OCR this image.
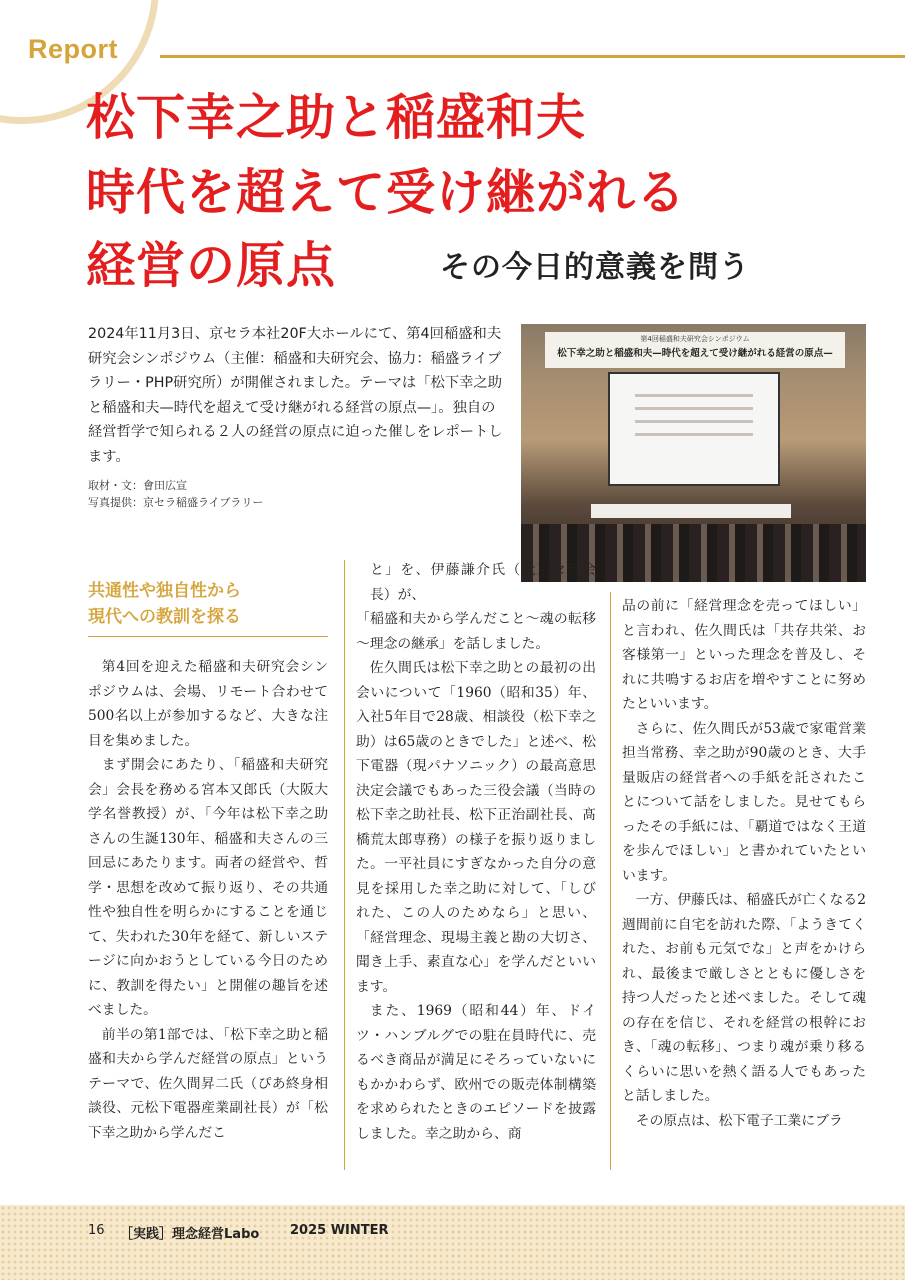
Report
松下幸之助と稲盛和夫
時代を超えて受け継がれる
経営の原点	その今日的意義を問う

2024年11月3日、京セラ本社20F大ホールにて、第4回稲盛和夫研究会シンポジウム（主催：稲盛和夫研究会、協力：稲盛ライブラリー・PHP研究所）が開催されました。テーマは「松下幸之助と稲盛和夫—時代を超えて受け継がれる経営の原点—」。独自の経営哲学で知られる２人の経営の原点に迫った催しをレポートします。

取材・文：會田広宣
写真提供：京セラ稲盛ライブラリー
第4回稲盛和夫研究会シンポジウム
松下幸之助と稲盛和夫—時代を超えて受け継がれる経営の原点—
共通性や独自性から
現代への教訓を探る

第4回を迎えた稲盛和夫研究会シンポジウムは、会場、リモート合わせて500名以上が参加するなど、大きな注目を集めました。

まず開会にあたり、「稲盛和夫研究会」会長を務める宮本又郎氏（大阪大学名誉教授）が、「今年は松下幸之助さんの生誕130年、稲盛和夫さんの三回忌にあたります。両者の経営や、哲学・思想を改めて振り返り、その共通性や独自性を明らかにすることを通じて、失われた30年を経て、新しいステージに向かおうとしている今日のために、教訓を得たい」と開催の趣旨を述べました。

前半の第1部では、「松下幸之助と稲盛和夫から学んだ経営の原点」というテーマで、佐久間昇二氏（ぴあ終身相談役、元松下電器産業副社長）が「松下幸之助から学んだこ

と」を、伊藤謙介氏（元京セラ会長）が、

「稲盛和夫から学んだこと～魂の転移～理念の継承」を話しました。

佐久間氏は松下幸之助との最初の出会いについて「1960（昭和35）年、入社5年目で28歳、相談役（松下幸之助）は65歳のときでした」と述べ、松下電器（現パナソニック）の最高意思決定会議でもあった三役会議（当時の松下幸之助社長、松下正治副社長、髙橋荒太郎専務）の様子を振り返りました。一平社員にすぎなかった自分の意見を採用した幸之助に対して、「しびれた、この人のためなら」と思い、「経営理念、現場主義と勘の大切さ、聞き上手、素直な心」を学んだといいます。

また、1969（昭和44）年、ドイツ・ハンブルグでの駐在員時代に、売るべき商品が満足にそろっていないにもかかわらず、欧州での販売体制構築を求められたときのエピソードを披露しました。幸之助から、商

品の前に「経営理念を売ってほしい」と言われ、佐久間氏は「共存共栄、お客様第一」といった理念を普及し、それに共鳴するお店を増やすことに努めたといいます。

さらに、佐久間氏が53歳で家電営業担当常務、幸之助が90歳のとき、大手量販店の経営者への手紙を託されたことについて話をしました。見せてもらったその手紙には、「覇道ではなく王道を歩んでほしい」と書かれていたといいます。

一方、伊藤氏は、稲盛氏が亡くなる2週間前に自宅を訪れた際、「ようきてくれた、お前も元気でな」と声をかけられ、最後まで厳しさとともに優しさを持つ人だったと述べました。そして魂の存在を信じ、それを経営の根幹におき、「魂の転移」、つまり魂が乗り移るくらいに思いを熱く語る人でもあったと話しました。

その原点は、松下電子工業にブラ

16 ［実践］理念経営Labo 2025 WINTER
